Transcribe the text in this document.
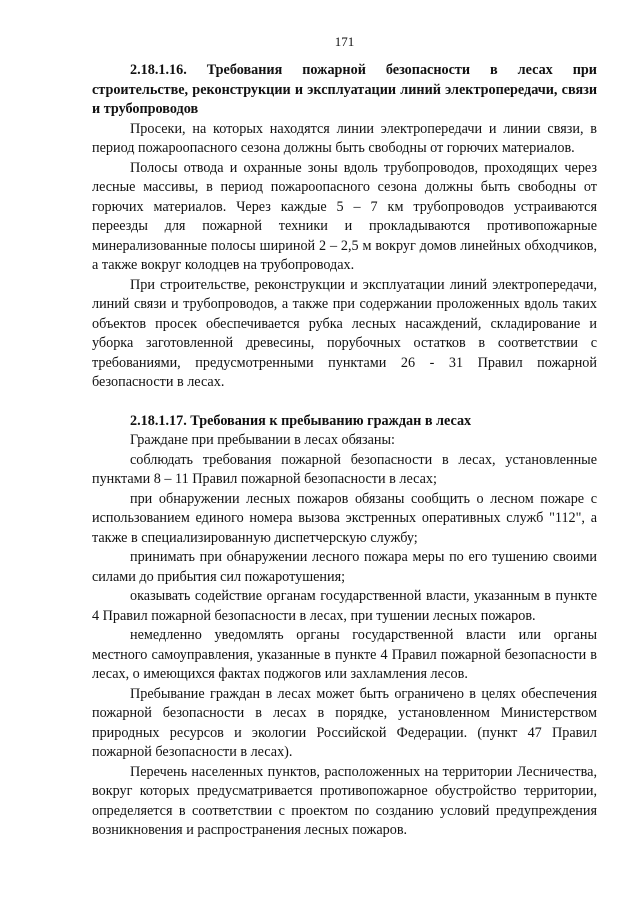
171

2.18.1.16. Требования пожарной безопасности в лесах при строительстве, реконструкции и эксплуатации линий электропередачи, связи и трубопроводов

Просеки, на которых находятся линии электропередачи и линии связи, в период пожароопасного сезона должны быть свободны от горючих материалов.

Полосы отвода и охранные зоны вдоль трубопроводов, проходящих через лесные массивы, в период пожароопасного сезона должны быть свободны от горючих материалов. Через каждые 5 – 7 км трубопроводов устраиваются переезды для пожарной техники и прокладываются противопожарные минерализованные полосы шириной 2 – 2,5 м вокруг домов линейных обходчиков, а также вокруг колодцев на трубопроводах.

При строительстве, реконструкции и эксплуатации линий электропередачи, линий связи и трубопроводов, а также при содержании проложенных вдоль таких объектов просек обеспечивается рубка лесных насаждений, складирование и уборка заготовленной древесины, порубочных остатков в соответствии с требованиями, предусмотренными пунктами 26 - 31 Правил пожарной безопасности в лесах.

2.18.1.17. Требования к пребыванию граждан в лесах

Граждане при пребывании в лесах обязаны:

соблюдать требования пожарной безопасности в лесах, установленные пунктами 8 – 11 Правил пожарной безопасности в лесах;

при обнаружении лесных пожаров обязаны сообщить о лесном пожаре с использованием единого номера вызова экстренных оперативных служб "112", а также в специализированную диспетчерскую службу;

принимать при обнаружении лесного пожара меры по его тушению своими силами до прибытия сил пожаротушения;

оказывать содействие органам государственной власти, указанным в пункте 4 Правил пожарной безопасности в лесах, при тушении лесных пожаров.

немедленно уведомлять органы государственной власти или органы местного самоуправления, указанные в пункте 4 Правил пожарной безопасности в лесах, о имеющихся фактах поджогов или захламления лесов.

Пребывание граждан в лесах может быть ограничено в целях обеспечения пожарной безопасности в лесах в порядке, установленном Министерством природных ресурсов и экологии Российской Федерации. (пункт 47 Правил пожарной безопасности в лесах).

Перечень населенных пунктов, расположенных на территории Лесничества, вокруг которых предусматривается противопожарное обустройство территории, определяется в соответствии с проектом по созданию условий предупреждения возникновения и распространения лесных пожаров.
